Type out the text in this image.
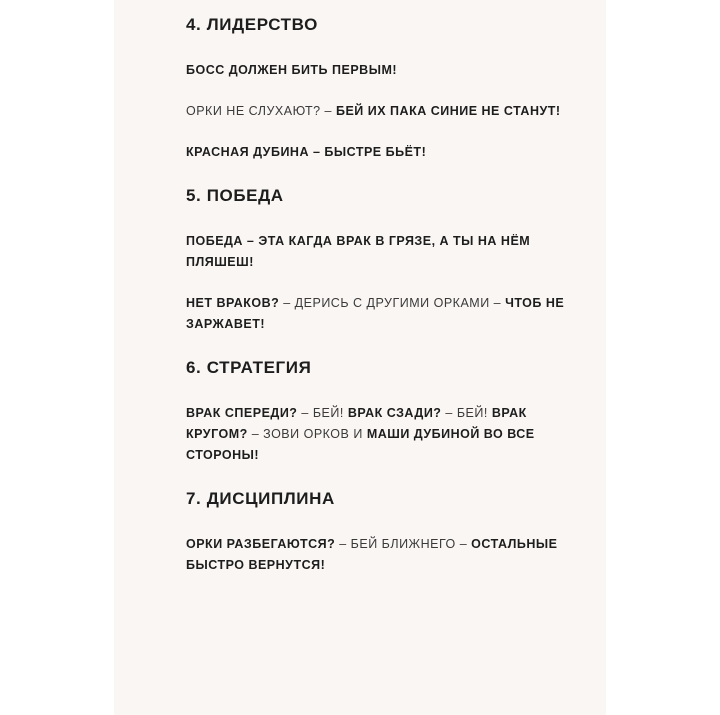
4. ЛИДЕРСТВО
БОСС ДОЛЖЕН БИТЬ ПЕРВЫМ!
ОРКИ НЕ СЛУХАЮТ? – БЕЙ ИХ ПАКА СИНИЕ НЕ СТАНУТ!
КРАСНАЯ ДУБИНА – БЫСТРЕ БЬЁТ!
5. ПОБЕДА
ПОБЕДА – ЭТА КАГДА ВРАК В ГРЯЗЕ, А ТЫ НА НЁМ ПЛЯШЕШ!
НЕТ ВРАКОВ? – ДЕРИСЬ С ДРУГИМИ ОРКАМИ – ЧТОБ НЕ ЗАРЖАВЕТ!
6. СТРАТЕГИЯ
ВРАК СПЕРЕДИ? – БЕЙ! ВРАК СЗАДИ? – БЕЙ! ВРАК КРУГОМ? – ЗОВИ ОРКОВ И МАШИ ДУБИНОЙ ВО ВСЕ СТОРОНЫ!
7. ДИСЦИПЛИНА
ОРКИ РАЗБЕГАЮТСЯ? – БЕЙ БЛИЖНЕГО – ОСТАЛЬНЫЕ БЫСТРО ВЕРНУТСЯ!
